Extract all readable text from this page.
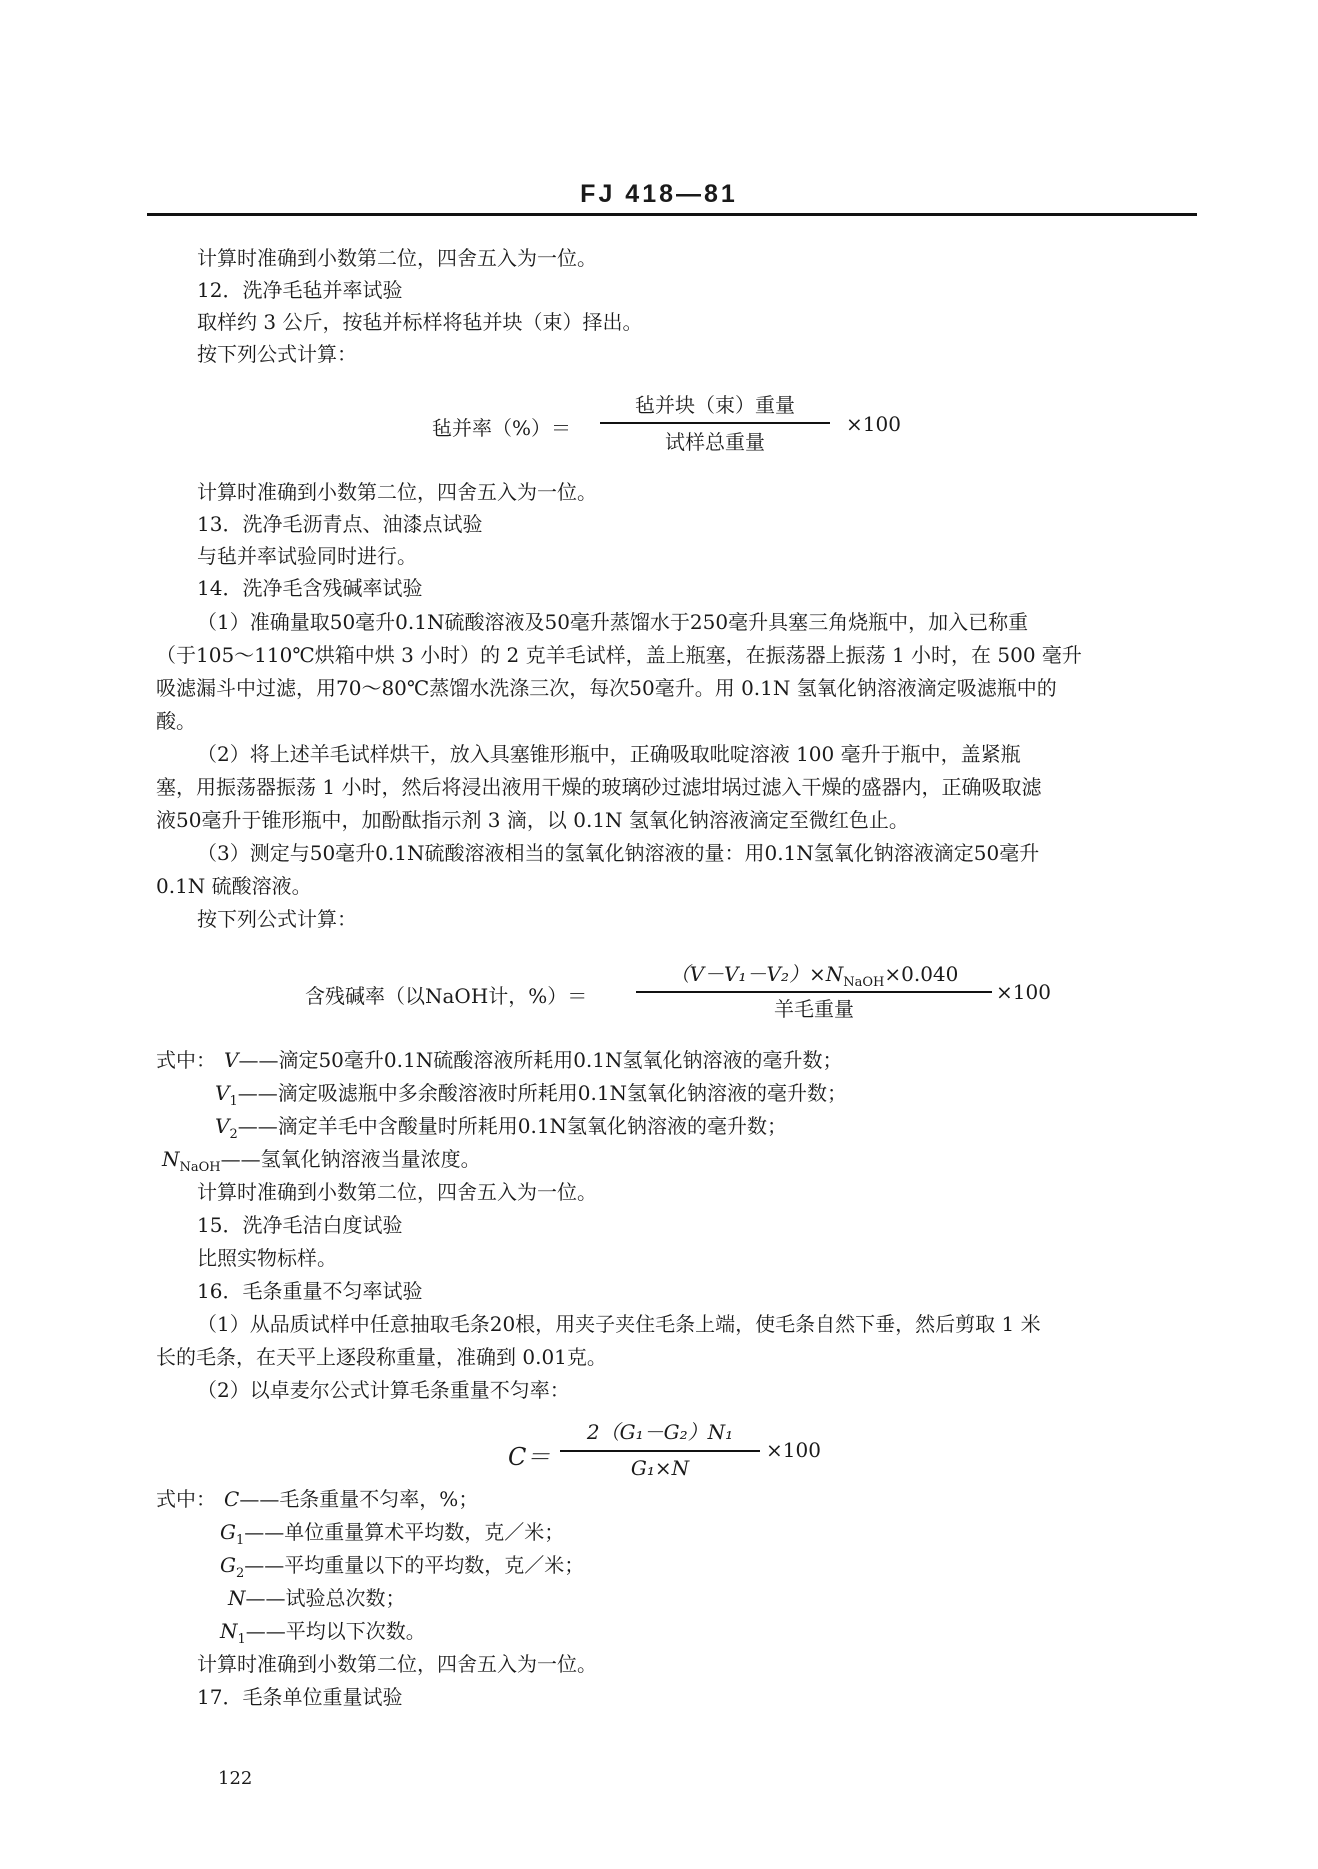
FJ 418—81
计算时准确到小数第二位，四舍五入为一位。
12．洗净毛毡并率试验
取样约 3 公斤，按毡并标样将毡并块（束）择出。
按下列公式计算：
毡并率（%）＝
毡并块（束）重量
试样总重量
×100
计算时准确到小数第二位，四舍五入为一位。
13．洗净毛沥青点、油漆点试验
与毡并率试验同时进行。
14．洗净毛含残碱率试验
（1）准确量取50毫升0.1N硫酸溶液及50毫升蒸馏水于250毫升具塞三角烧瓶中，加入已称重
（于105～110℃烘箱中烘 3 小时）的 2 克羊毛试样，盖上瓶塞，在振荡器上振荡 1 小时，在 500 毫升
吸滤漏斗中过滤，用70～80℃蒸馏水洗涤三次，每次50毫升。用 0.1N 氢氧化钠溶液滴定吸滤瓶中的
酸。
（2）将上述羊毛试样烘干，放入具塞锥形瓶中，正确吸取吡啶溶液 100 毫升于瓶中，盖紧瓶
塞，用振荡器振荡 1 小时，然后将浸出液用干燥的玻璃砂过滤坩埚过滤入干燥的盛器内，正确吸取滤
液50毫升于锥形瓶中，加酚酞指示剂 3 滴，以 0.1N 氢氧化钠溶液滴定至微红色止。
（3）测定与50毫升0.1N硫酸溶液相当的氢氧化钠溶液的量：用0.1N氢氧化钠溶液滴定50毫升
0.1N 硫酸溶液。
按下列公式计算：
含残碱率（以NaOH计，%）＝
$(V-V_1-V_2)\times N_{NaOH}\times 0.040$
羊毛重量
×100
式中： V——滴定50毫升0.1N硫酸溶液所耗用0.1N氢氧化钠溶液的毫升数；
$V_1——$滴定吸滤瓶中多余酸溶液时所耗用0.1N氢氧化钠溶液的毫升数；
$V_2——$滴定羊毛中含酸量时所耗用0.1N氢氧化钠溶液的毫升数；
$N_{NaOH}——$氢氧化钠溶液当量浓度。
计算时准确到小数第二位，四舍五入为一位。
15．洗净毛洁白度试验
比照实物标样。
16．毛条重量不匀率试验
（1）从品质试样中任意抽取毛条20根，用夹子夹住毛条上端，使毛条自然下垂，然后剪取 1 米
长的毛条，在天平上逐段称重量，准确到 0.01克。
（2）以卓麦尔公式计算毛条重量不匀率：
C＝
2（G₁－G₂）N₁
G₁×N
×100
式中： C——毛条重量不匀率，%；
$G_1——$单位重量算术平均数，克／米；
$G_2——$平均重量以下的平均数，克／米；
N——试验总次数；
$N_1——$平均以下次数。
计算时准确到小数第二位，四舍五入为一位。
17．毛条单位重量试验
122
